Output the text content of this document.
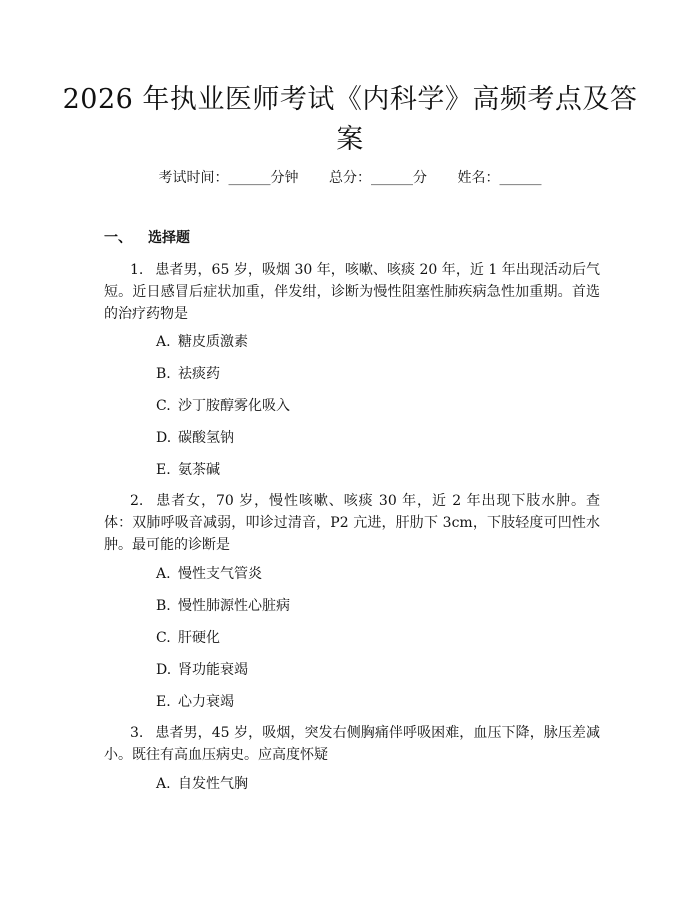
2026 年执业医师考试《内科学》高频考点及答案
考试时间：______分钟 总分：______分 姓名：______
一、 选择题
1. 患者男，65 岁，吸烟 30 年，咳嗽、咳痰 20 年，近 1 年出现活动后气短。近日感冒后症状加重，伴发绀，诊断为慢性阻塞性肺疾病急性加重期。首选的治疗药物是
A. 糖皮质激素
B. 祛痰药
C. 沙丁胺醇雾化吸入
D. 碳酸氢钠
E. 氨茶碱
2. 患者女，70 岁，慢性咳嗽、咳痰 30 年，近 2 年出现下肢水肿。查体：双肺呼吸音减弱，叩诊过清音，P2 亢进，肝肋下 3cm，下肢轻度可凹性水肿。最可能的诊断是
A. 慢性支气管炎
B. 慢性肺源性心脏病
C. 肝硬化
D. 肾功能衰竭
E. 心力衰竭
3. 患者男，45 岁，吸烟，突发右侧胸痛伴呼吸困难，血压下降，脉压差减小。既往有高血压病史。应高度怀疑
A. 自发性气胸
